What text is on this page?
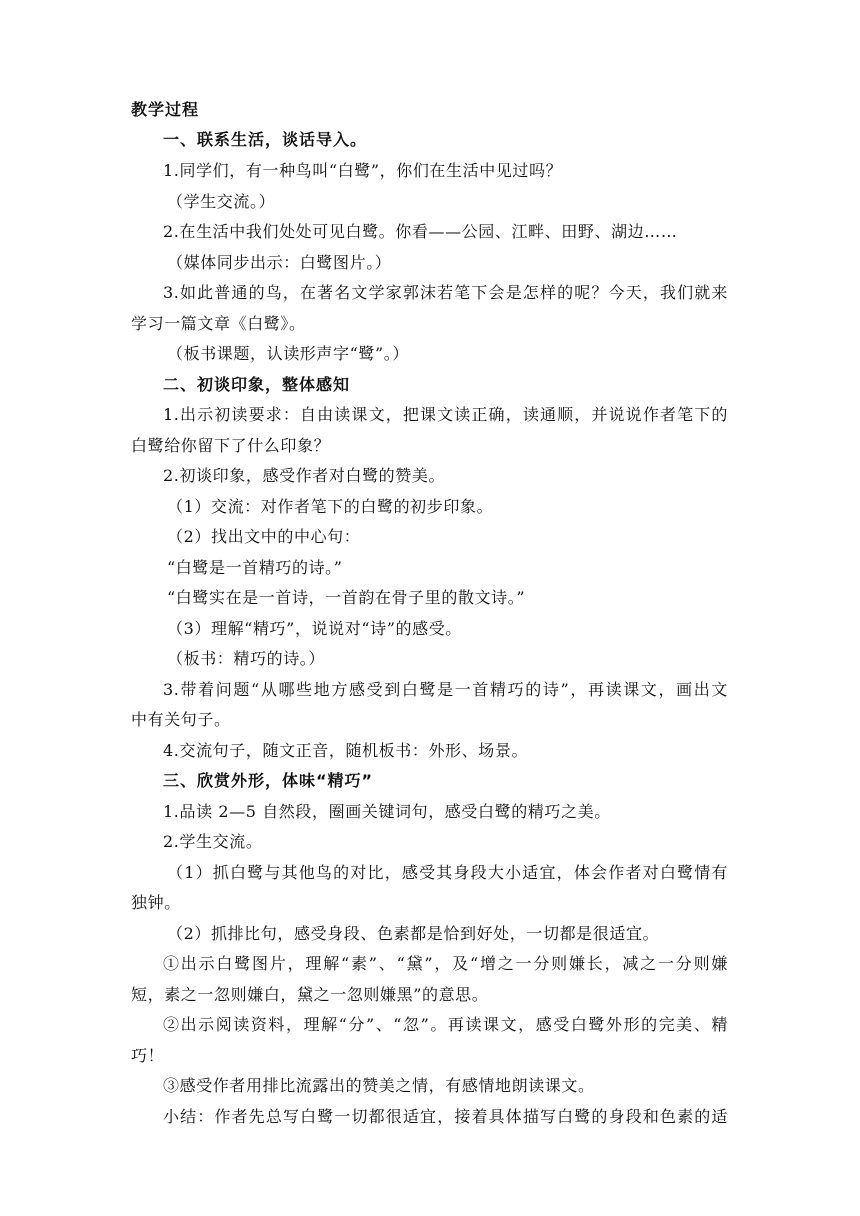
教学过程
一、联系生活，谈话导入。
1.同学们，有一种鸟叫“白鹭”，你们在生活中见过吗？
（学生交流。）
2.在生活中我们处处可见白鹭。你看——公园、江畔、田野、湖边……
（媒体同步出示：白鹭图片。）
3.如此普通的鸟，在著名文学家郭沫若笔下会是怎样的呢？今天，我们就来
学习一篇文章《白鹭》。
（板书课题，认读形声字“鹭”。）
二、初谈印象，整体感知
1.出示初读要求：自由读课文，把课文读正确，读通顺，并说说作者笔下的
白鹭给你留下了什么印象？
2.初谈印象，感受作者对白鹭的赞美。
（1）交流：对作者笔下的白鹭的初步印象。
（2）找出文中的中心句：
“白鹭是一首精巧的诗。”
“白鹭实在是一首诗，一首韵在骨子里的散文诗。”
（3）理解“精巧”，说说对“诗”的感受。
（板书：精巧的诗。）
3.带着问题“从哪些地方感受到白鹭是一首精巧的诗”，再读课文，画出文
中有关句子。
4.交流句子，随文正音，随机板书：外形、场景。
三、欣赏外形，体味“精巧”
1.品读 2—5 自然段，圈画关键词句，感受白鹭的精巧之美。
2.学生交流。
（1）抓白鹭与其他鸟的对比，感受其身段大小适宜，体会作者对白鹭情有
独钟。
（2）抓排比句，感受身段、色素都是恰到好处，一切都是很适宜。
①出示白鹭图片，理解“素”、“黛”，及“增之一分则嫌长，减之一分则嫌
短，素之一忽则嫌白，黛之一忽则嫌黑”的意思。
②出示阅读资料，理解“分”、“忽”。再读课文，感受白鹭外形的完美、精
巧！
③感受作者用排比流露出的赞美之情，有感情地朗读课文。
小结：作者先总写白鹭一切都很适宜，接着具体描写白鹭的身段和色素的适
